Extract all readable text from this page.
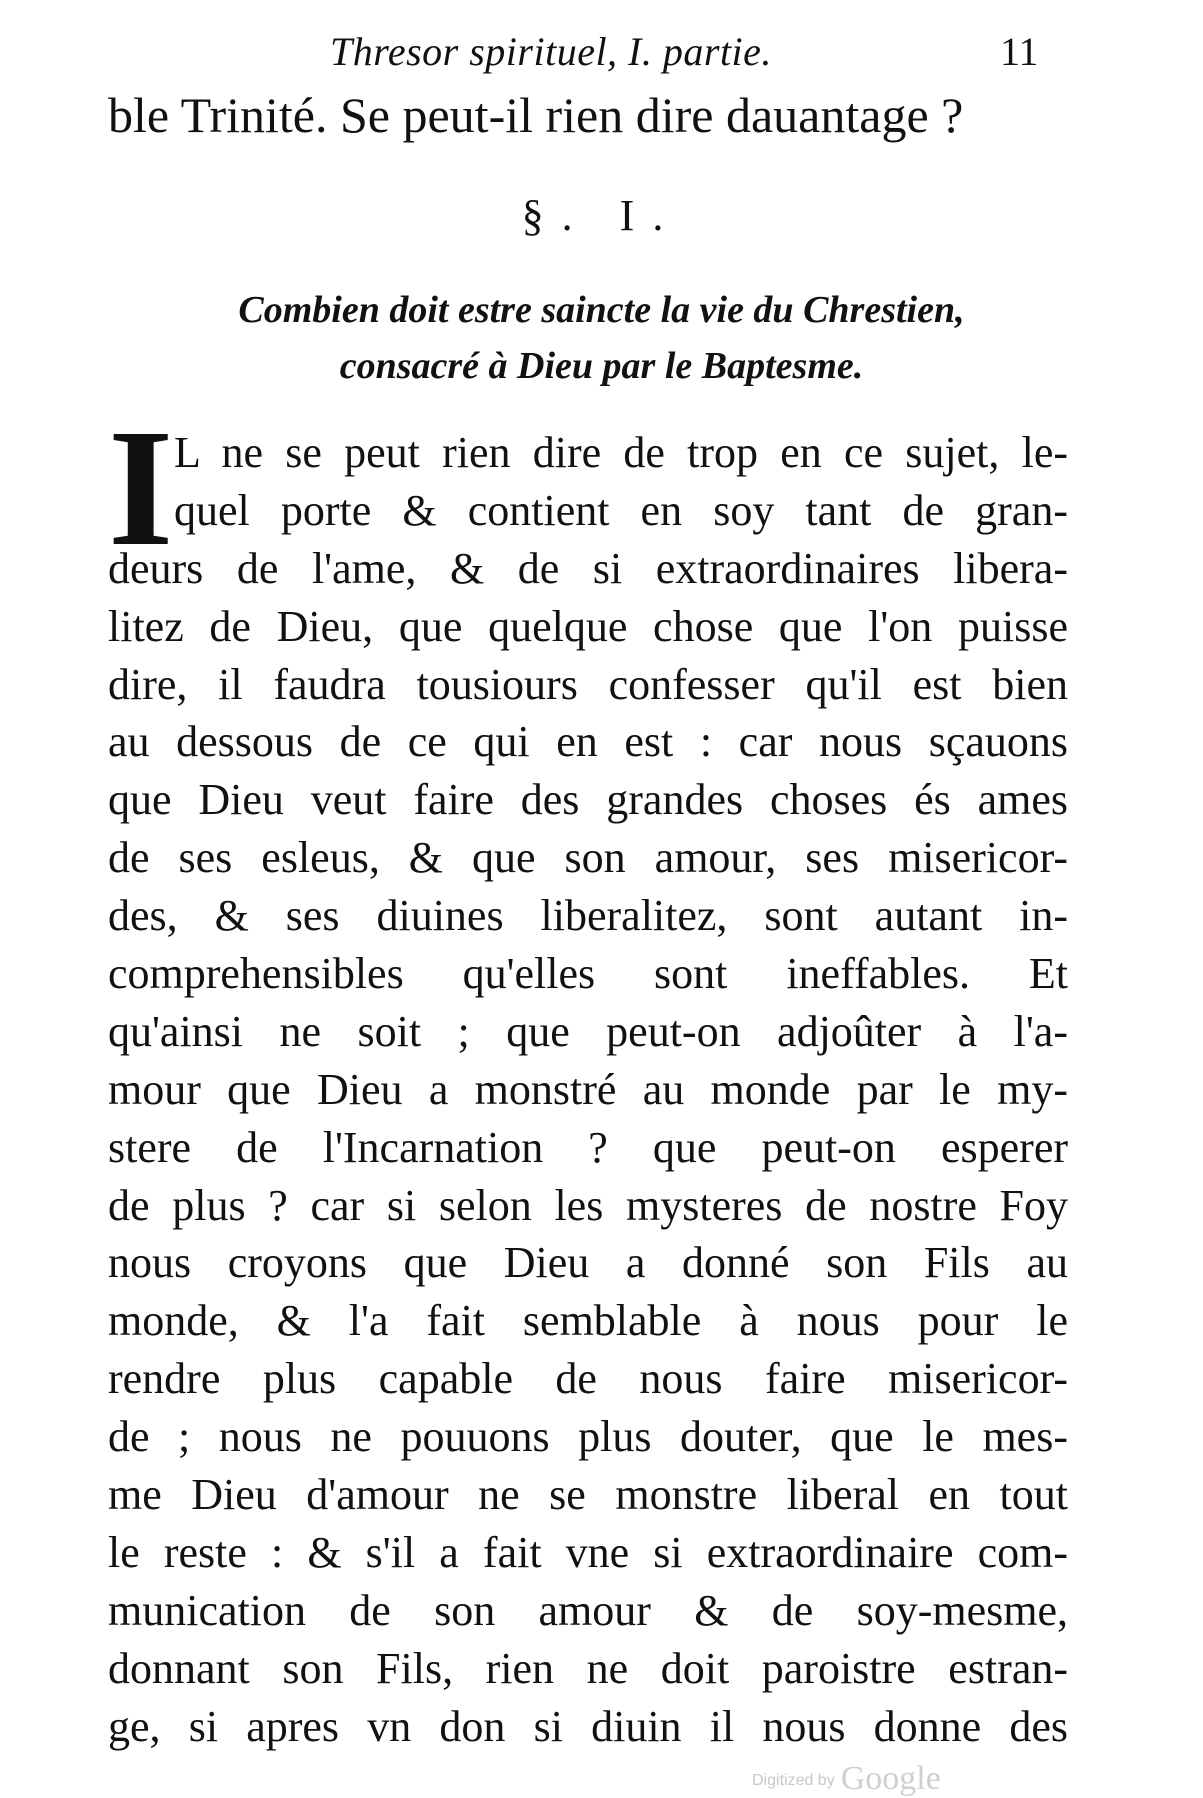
Thresor spirituel, I. partie.	11
ble Trinité. Se peut-il rien dire dauantage ?
§. I.
Combien doit estre saincte la vie du Chrestien,
consacré à Dieu par le Baptesme.
I L ne se peut rien dire de trop en ce sujet, le-
quel porte & contient en soy tant de gran-
deurs de l'ame, & de si extraordinaires libera-
litez de Dieu, que quelque chose que l'on puisse
dire, il faudra tousiours confesser qu'il est bien
au dessous de ce qui en est : car nous sçauons
que Dieu veut faire des grandes choses és ames
de ses esleus, & que son amour, ses misericor-
des, & ses diuines liberalitez, sont autant in-
comprehensibles qu'elles sont ineffables. Et
qu'ainsi ne soit ; que peut-on adjoûter à l'a-
mour que Dieu a monstré au monde par le my-
stere de l'Incarnation ? que peut-on esperer
de plus ? car si selon les mysteres de nostre Foy
nous croyons que Dieu a donné son Fils au
monde, & l'a fait semblable à nous pour le
rendre plus capable de nous faire misericor-
de ; nous ne pouuons plus douter, que le mes-
me Dieu d'amour ne se monstre liberal en tout
le reste : & s'il a fait vne si extraordinaire com-
munication de son amour & de soy-mesme,
donnant son Fils, rien ne doit paroistre estran-
ge, si apres vn don si diuin il nous donne des
Digitized by Google
